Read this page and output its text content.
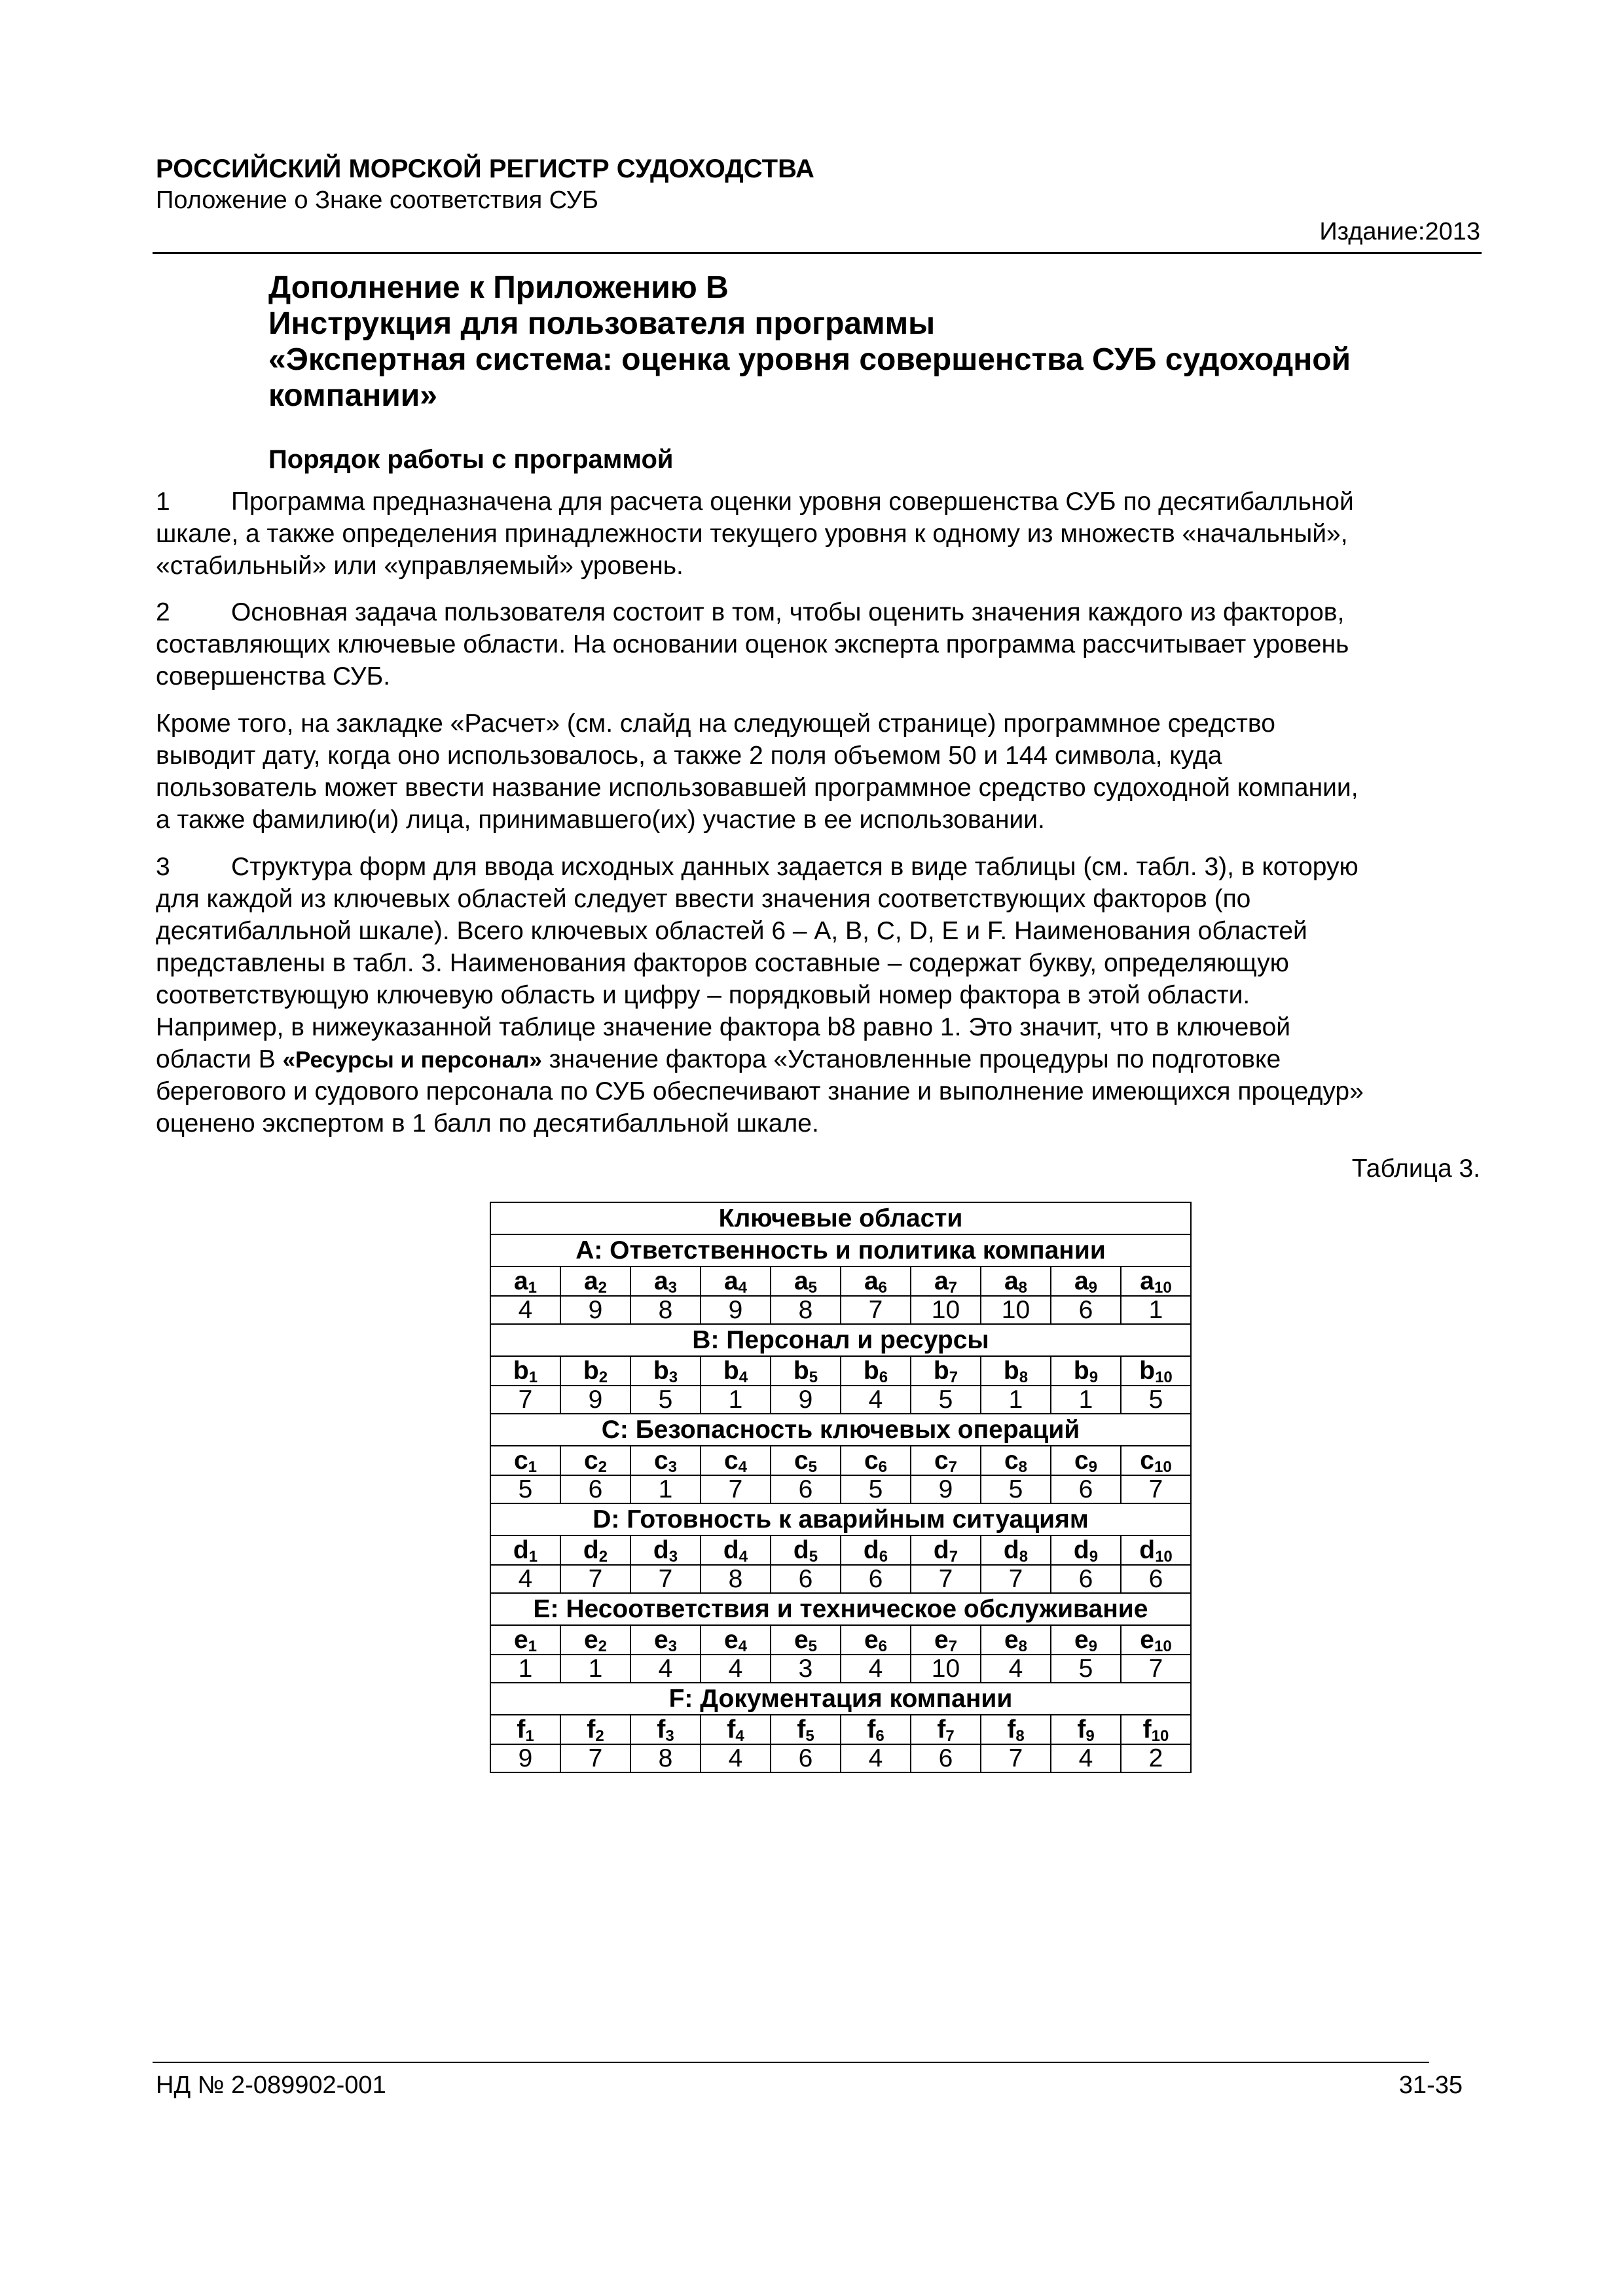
РОССИЙСКИЙ МОРСКОЙ РЕГИСТР СУДОХОДСТВА
Положение о Знаке соответствия СУБ
Издание:2013
Дополнение к Приложению В
Инструкция для пользователя программы
«Экспертная система: оценка уровня совершенства СУБ судоходной
компании»
Порядок работы с программой
1 Программа предназначена для расчета оценки уровня совершенства СУБ по десятибалльной
шкале, а также определения принадлежности текущего уровня к одному из множеств «начальный»,
«стабильный» или «управляемый» уровень.
2 Основная задача пользователя состоит в том, чтобы оценить значения каждого из факторов,
составляющих ключевые области. На основании оценок эксперта программа рассчитывает уровень
совершенства СУБ.
Кроме того, на закладке «Расчет» (см. слайд на следующей странице) программное средство
выводит дату, когда оно использовалось, а также 2 поля объемом 50 и 144 символа, куда
пользователь может ввести название использовавшей программное средство судоходной компании,
а также фамилию(и) лица, принимавшего(их) участие в ее использовании.
3 Структура форм для ввода исходных данных задается в виде таблицы (см. табл. 3), в которую
для каждой из ключевых областей следует ввести значения соответствующих факторов (по
десятибалльной шкале). Всего ключевых областей 6 – A, B, C, D, E и F. Наименования областей
представлены в табл. 3. Наименования факторов составные – содержат букву, определяющую
соответствующую ключевую область и цифру – порядковый номер фактора в этой области.
Например, в нижеуказанной таблице значение фактора b8 равно 1. Это значит, что в ключевой
области B «Ресурсы и персонал» значение фактора «Установленные процедуры по подготовке
берегового и судового персонала по СУБ обеспечивают знание и выполнение имеющихся процедур»
оценено экспертом в 1 балл по десятибалльной шкале.
Таблица 3.
Ключевые области									
A: Ответственность и политика компании									
$a_1$	$a_2$	$a_3$	$a_4$	$a_5$	$a_6$	$a_7$	$a_8$	$a_9$	$a_{10}$
4	9	8	9	8	7	10	10	6	1
B: Персонал и ресурсы									
$b_1$	$b_2$	$b_3$	$b_4$	$b_5$	$b_6$	$b_7$	$b_8$	$b_9$	$b_{10}$
7	9	5	1	9	4	5	1	1	5
C: Безопасность ключевых операций									
$c_1$	$c_2$	$c_3$	$c_4$	$c_5$	$c_6$	$c_7$	$c_8$	$c_9$	$c_{10}$
5	6	1	7	6	5	9	5	6	7
D: Готовность к аварийным ситуациям									
$d_1$	$d_2$	$d_3$	$d_4$	$d_5$	$d_6$	$d_7$	$d_8$	$d_9$	$d_{10}$
4	7	7	8	6	6	7	7	6	6
E: Несоответствия и техническое обслуживание									
$e_1$	$e_2$	$e_3$	$e_4$	$e_5$	$e_6$	$e_7$	$e_8$	$e_9$	$e_{10}$
1	1	4	4	3	4	10	4	5	7
F: Документация компании									
$f_1$	$f_2$	$f_3$	$f_4$	$f_5$	$f_6$	$f_7$	$f_8$	$f_9$	$f_{10}$
9	7	8	4	6	4	6	7	4	2
НД № 2-089902-001	31-35
